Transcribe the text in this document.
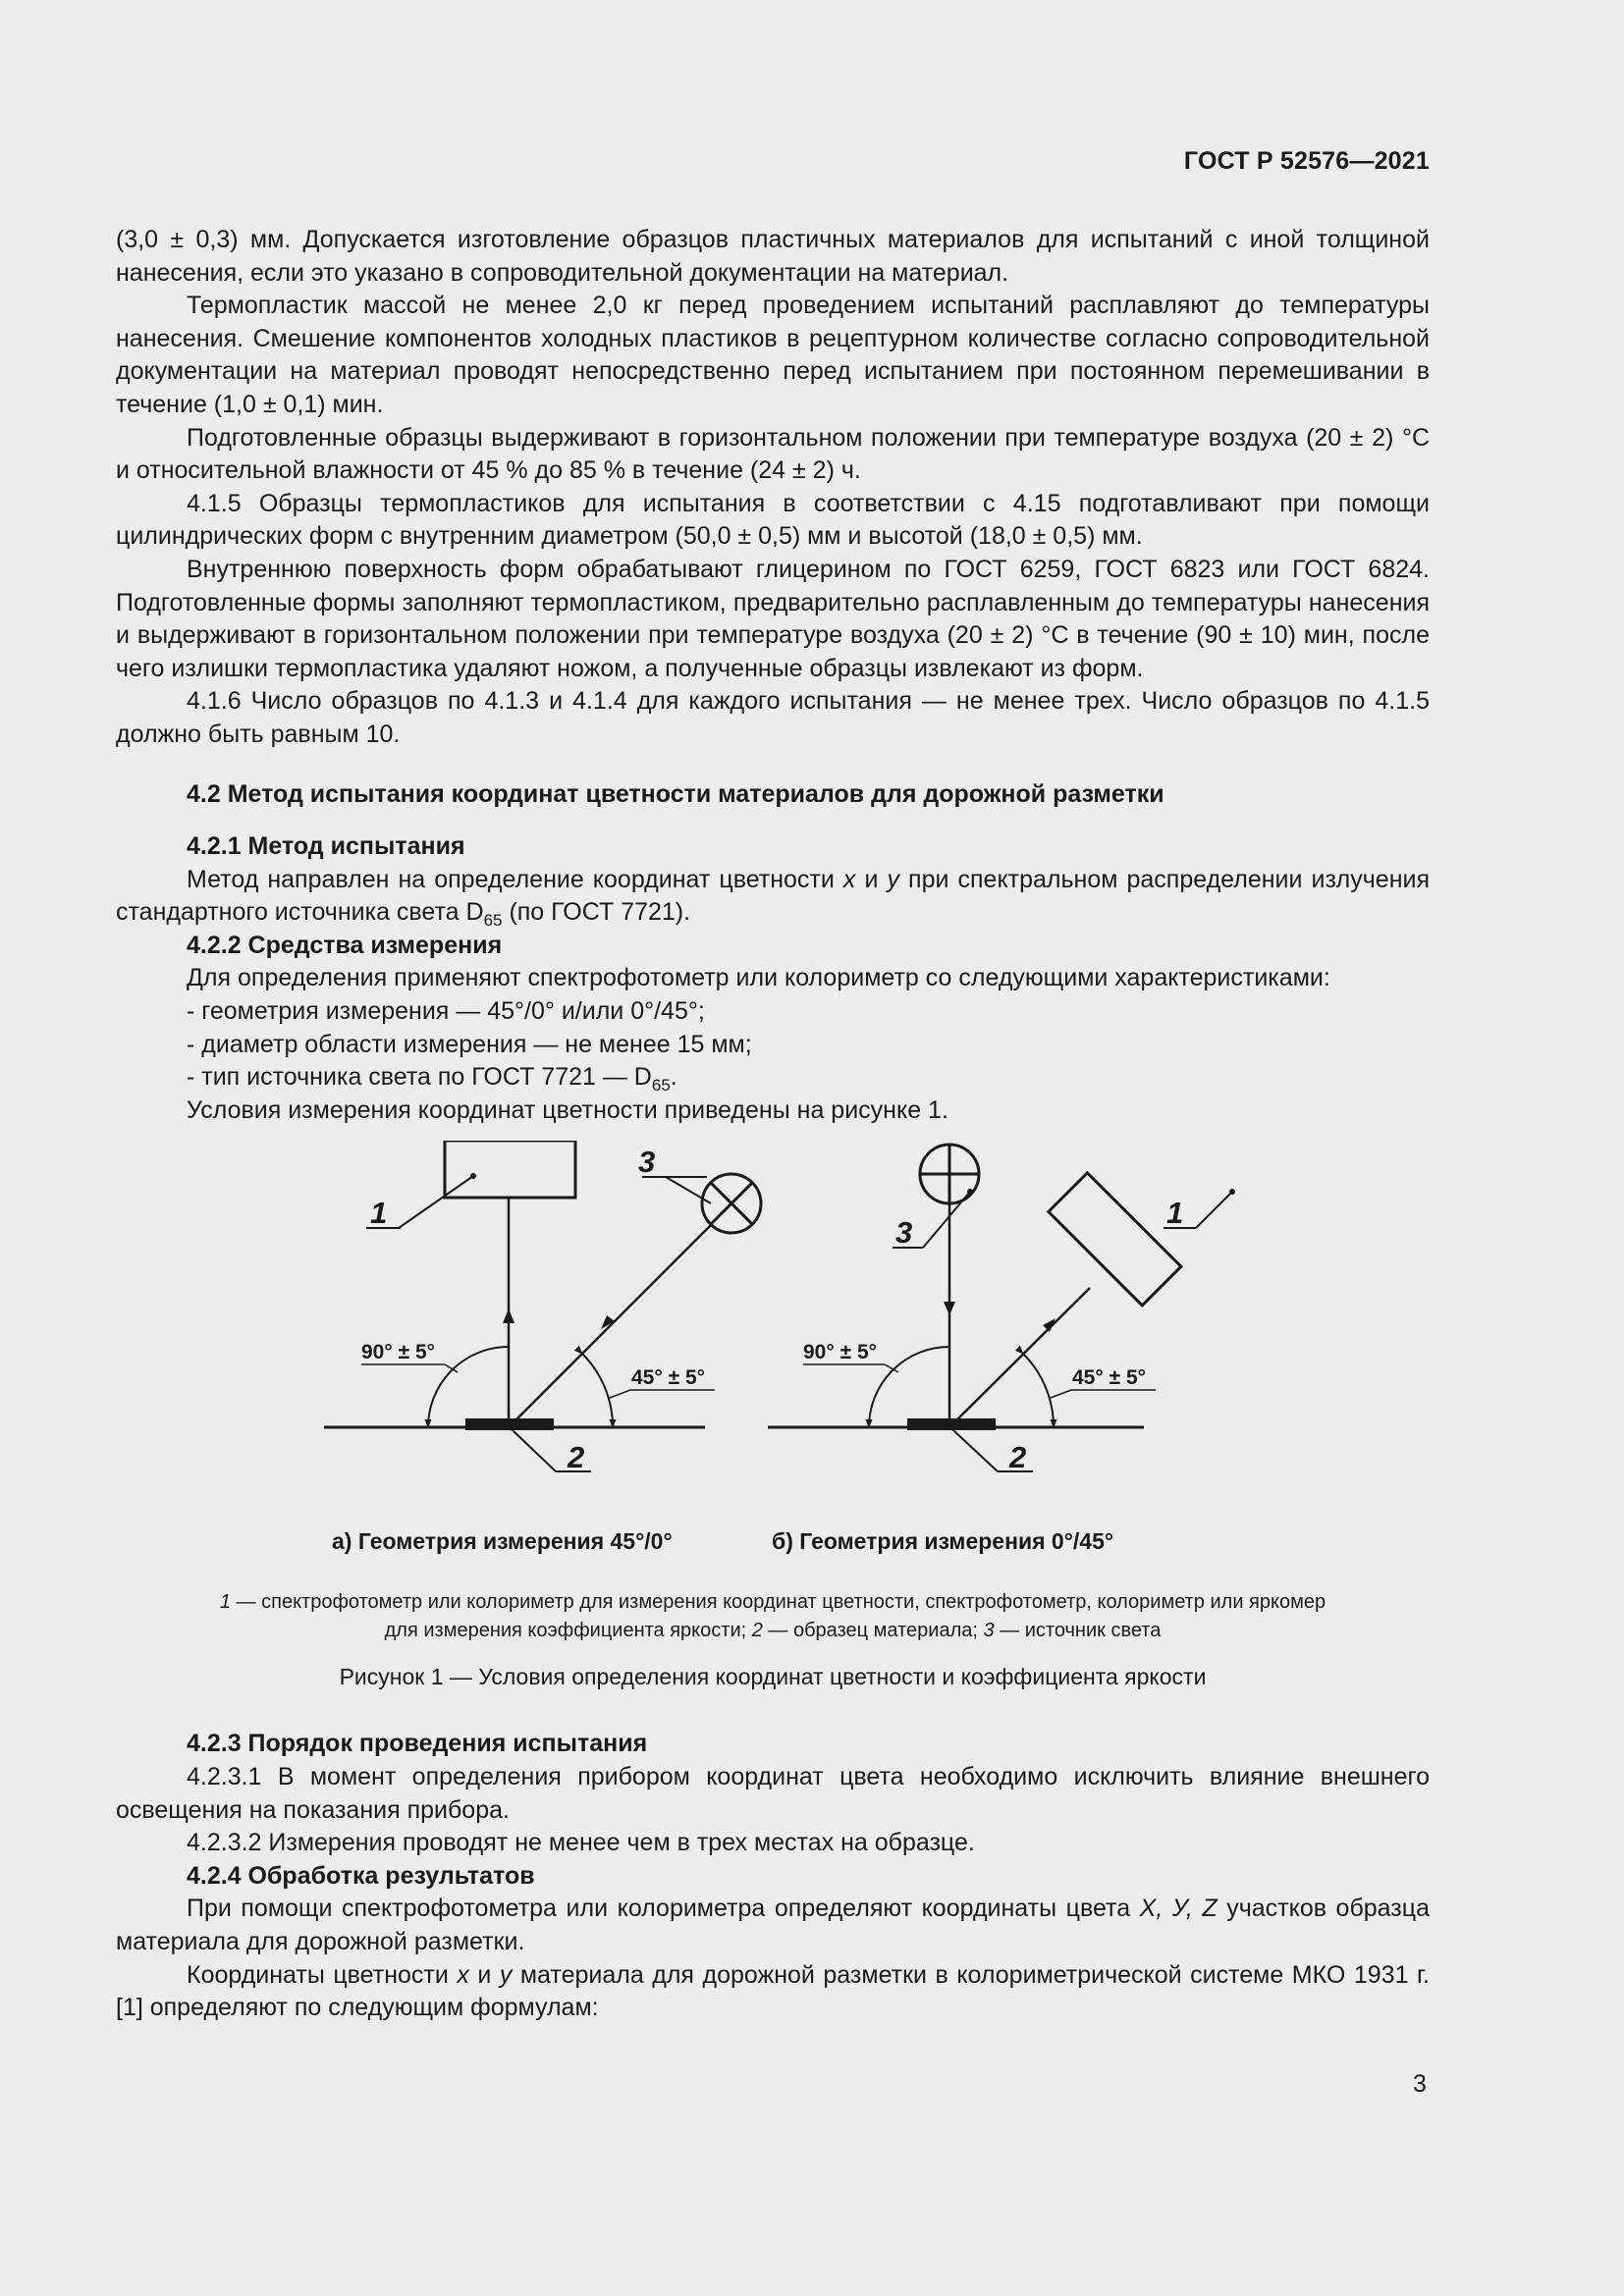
ГОСТ Р 52576—2021

(3,0 ± 0,3) мм. Допускается изготовление образцов пластичных материалов для испытаний с иной толщиной нанесения, если это указано в сопроводительной документации на материал.

Термопластик массой не менее 2,0 кг перед проведением испытаний расплавляют до температуры нанесения. Смешение компонентов холодных пластиков в рецептурном количестве согласно сопроводительной документации на материал проводят непосредственно перед испытанием при постоянном перемешивании в течение (1,0 ± 0,1) мин.

Подготовленные образцы выдерживают в горизонтальном положении при температуре воздуха (20 ± 2) °С и относительной влажности от 45 % до 85 % в течение (24 ± 2) ч.

4.1.5 Образцы термопластиков для испытания в соответствии с 4.15 подготавливают при помощи цилиндрических форм с внутренним диаметром (50,0 ± 0,5) мм и высотой (18,0 ± 0,5) мм.

Внутреннюю поверхность форм обрабатывают глицерином по ГОСТ 6259, ГОСТ 6823 или ГОСТ 6824. Подготовленные формы заполняют термопластиком, предварительно расплавленным до температуры нанесения и выдерживают в горизонтальном положении при температуре воздуха (20 ± 2) °С в течение (90 ± 10) мин, после чего излишки термопластика удаляют ножом, а полученные образцы извлекают из форм.

4.1.6 Число образцов по 4.1.3 и 4.1.4 для каждого испытания — не менее трех. Число образцов по 4.1.5 должно быть равным 10.

4.2 Метод испытания координат цветности материалов для дорожной разметки

4.2.1 Метод испытания

Метод направлен на определение координат цветности x и y при спектральном распределении излучения стандартного источника света $D_{65}$ (по ГОСТ 7721).

4.2.2 Средства измерения

Для определения применяют спектрофотометр или колориметр со следующими характеристиками:

- геометрия измерения — 45°/0° и/или 0°/45°;

- диаметр области измерения — не менее 15 мм;

- тип источника света по ГОСТ 7721 — $D_{65}$.

Условия измерения координат цветности приведены на рисунке 1.

1
3
2
90° ± 5°
45° ± 5°
3
1
2
90° ± 5°
45° ± 5°
а) Геометрия измерения 45°/0°	б) Геометрия измерения 0°/45°
1 — спектрофотометр или колориметр для измерения координат цветности, спектрофотометр, колориметр или яркомер
для измерения коэффициента яркости; 2 — образец материала; 3 — источник света
Рисунок 1 — Условия определения координат цветности и коэффициента яркости

4.2.3 Порядок проведения испытания

4.2.3.1 В момент определения прибором координат цвета необходимо исключить влияние внешнего освещения на показания прибора.

4.2.3.2 Измерения проводят не менее чем в трех местах на образце.

4.2.4 Обработка результатов

При помощи спектрофотометра или колориметра определяют координаты цвета X, У, Z участков образца материала для дорожной разметки.

Координаты цветности x и y материала для дорожной разметки в колориметрической системе МКО 1931 г. [1] определяют по следующим формулам:

3
